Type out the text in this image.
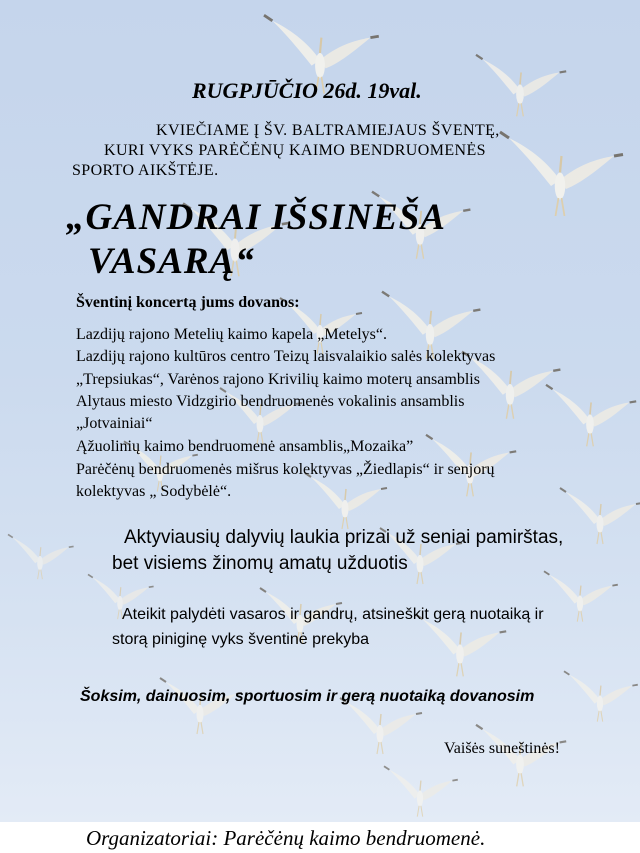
RUGPJŪČIO 26d. 19val.
KVIEČIAME Į ŠV. BALTRAMIEJAUS ŠVENTĘ,
KURI VYKS PARĖČĖNŲ KAIMO BENDRUOMENĖS
SPORTO AIKŠTĖJE.
„GANDRAI IŠSINEŠA
VASARĄ“
Šventinį koncertą jums dovanos:
Lazdijų rajono Metelių kaimo kapela „Metelys“.
Lazdijų rajono kultūros centro Teizų laisvalaikio salės kolektyvas
„Trepsiukas“, Varėnos rajono Krivilių kaimo moterų ansamblis
Alytaus miesto Vidzgirio bendruomenės vokalinis ansamblis
„Jotvainiai“
Ąžuolinių kaimo bendruomenė ansamblis„Mozaika”
Parėčėnų bendruomenės mišrus kolektyvas „Žiedlapis“ ir senjorų
kolektyvas „ Sodybėlė“.
Aktyviausių dalyvių laukia prizai už seniai pamirštas,
bet visiems žinomų amatų užduotis
Ateikit palydėti vasaros ir gandrų, atsineškit gerą nuotaiką ir
storą piniginę vyks šventinė prekyba
Šoksim, dainuosim, sportuosim ir gerą nuotaiką dovanosim
Vaišės suneštinės!
Organizatoriai: Parėčėnų kaimo bendruomenė.
